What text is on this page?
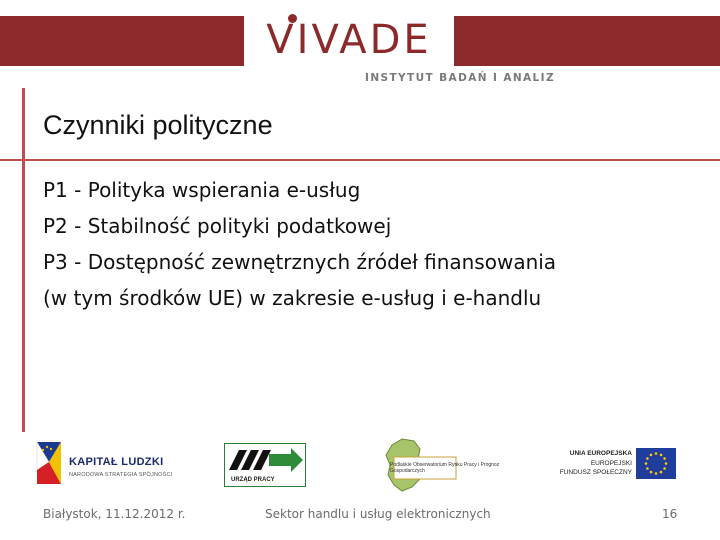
VIVADE
INSTYTUT BADAŃ I ANALIZ
Czynniki polityczne
P1 - Polityka wspierania e‑usług
P2 - Stabilność polityki podatkowej
P3 - Dostępność zewnętrznych źródeł finansowania
(w tym środków UE) w zakresie e-usług i e-handlu
KAPITAŁ LUDZKI
NARODOWA STRATEGIA SPÓJNOŚCI
URZĄD PRACY
Podlaskie Obserwatorium Rynku Pracy i Prognoz Gospodarczych
UNIA EUROPEJSKA
EUROPEJSKI
FUNDUSZ SPOŁECZNY
Białystok, 11.12.2012 r.	Sektor handlu i usług elektronicznych	16
